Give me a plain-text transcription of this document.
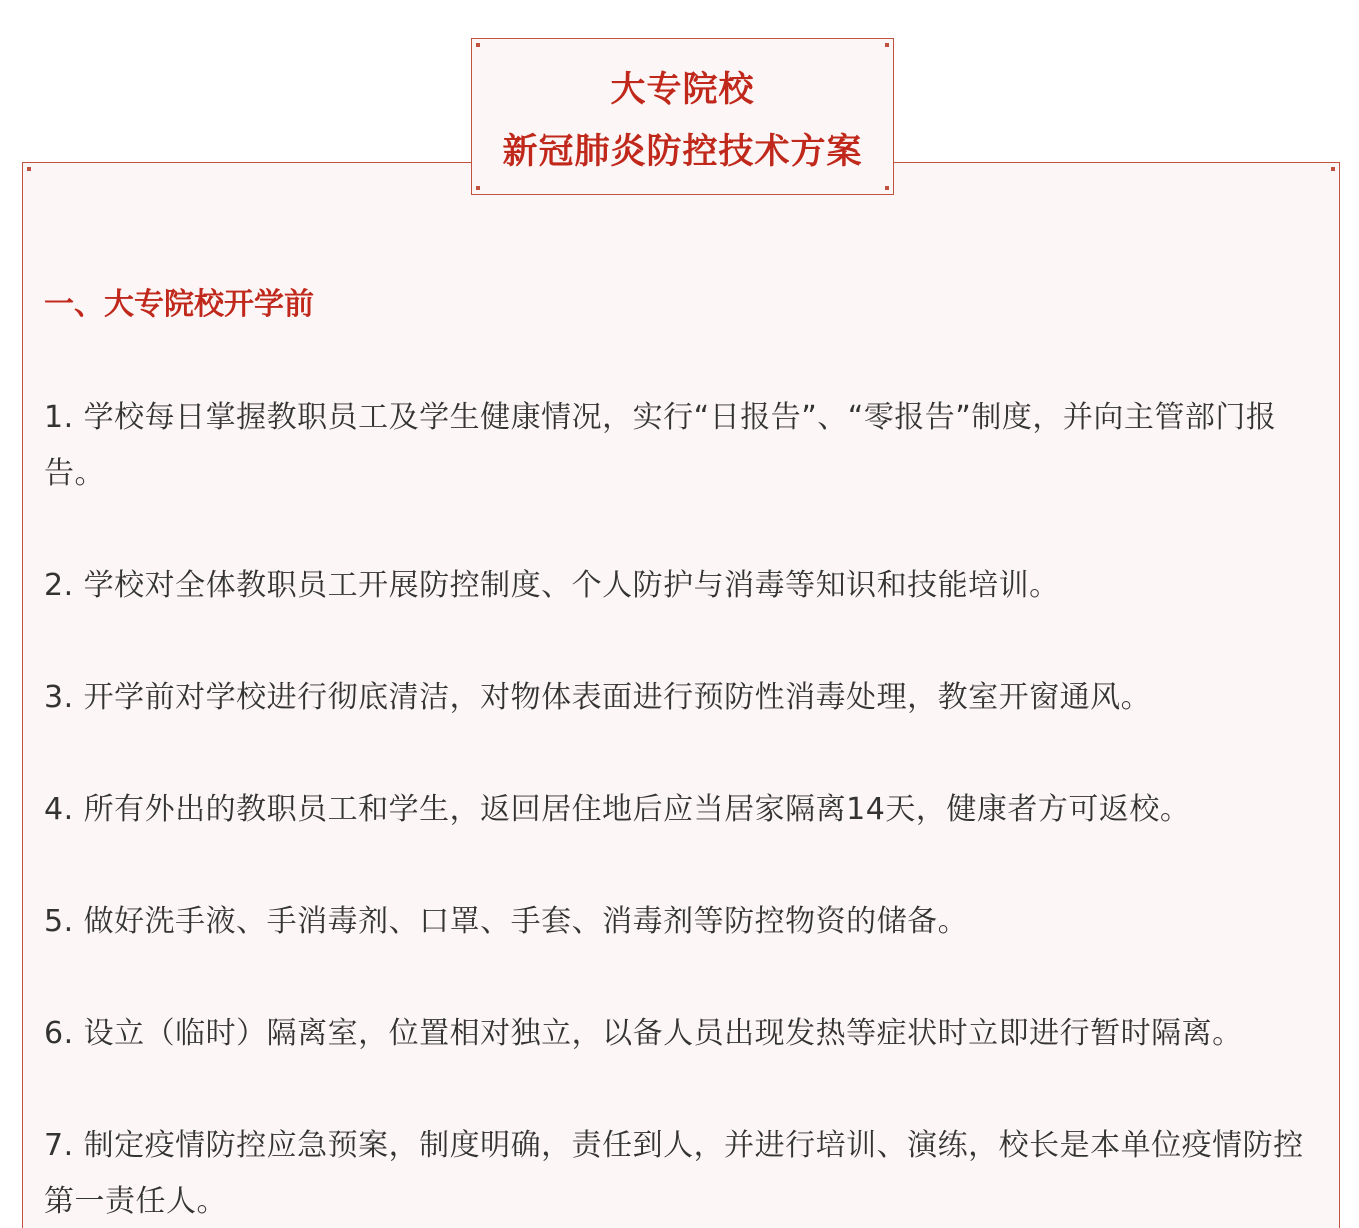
大专院校
新冠肺炎防控技术方案
一、大专院校开学前
1. 学校每日掌握教职员工及学生健康情况，实行“日报告”、“零报告”制度，并向主管部门报告。
2. 学校对全体教职员工开展防控制度、个人防护与消毒等知识和技能培训。
3. 开学前对学校进行彻底清洁，对物体表面进行预防性消毒处理，教室开窗通风。
4. 所有外出的教职员工和学生，返回居住地后应当居家隔离14天，健康者方可返校。
5. 做好洗手液、手消毒剂、口罩、手套、消毒剂等防控物资的储备。
6. 设立（临时）隔离室，位置相对独立，以备人员出现发热等症状时立即进行暂时隔离。
7. 制定疫情防控应急预案，制度明确，责任到人，并进行培训、演练，校长是本单位疫情防控第一责任人。
